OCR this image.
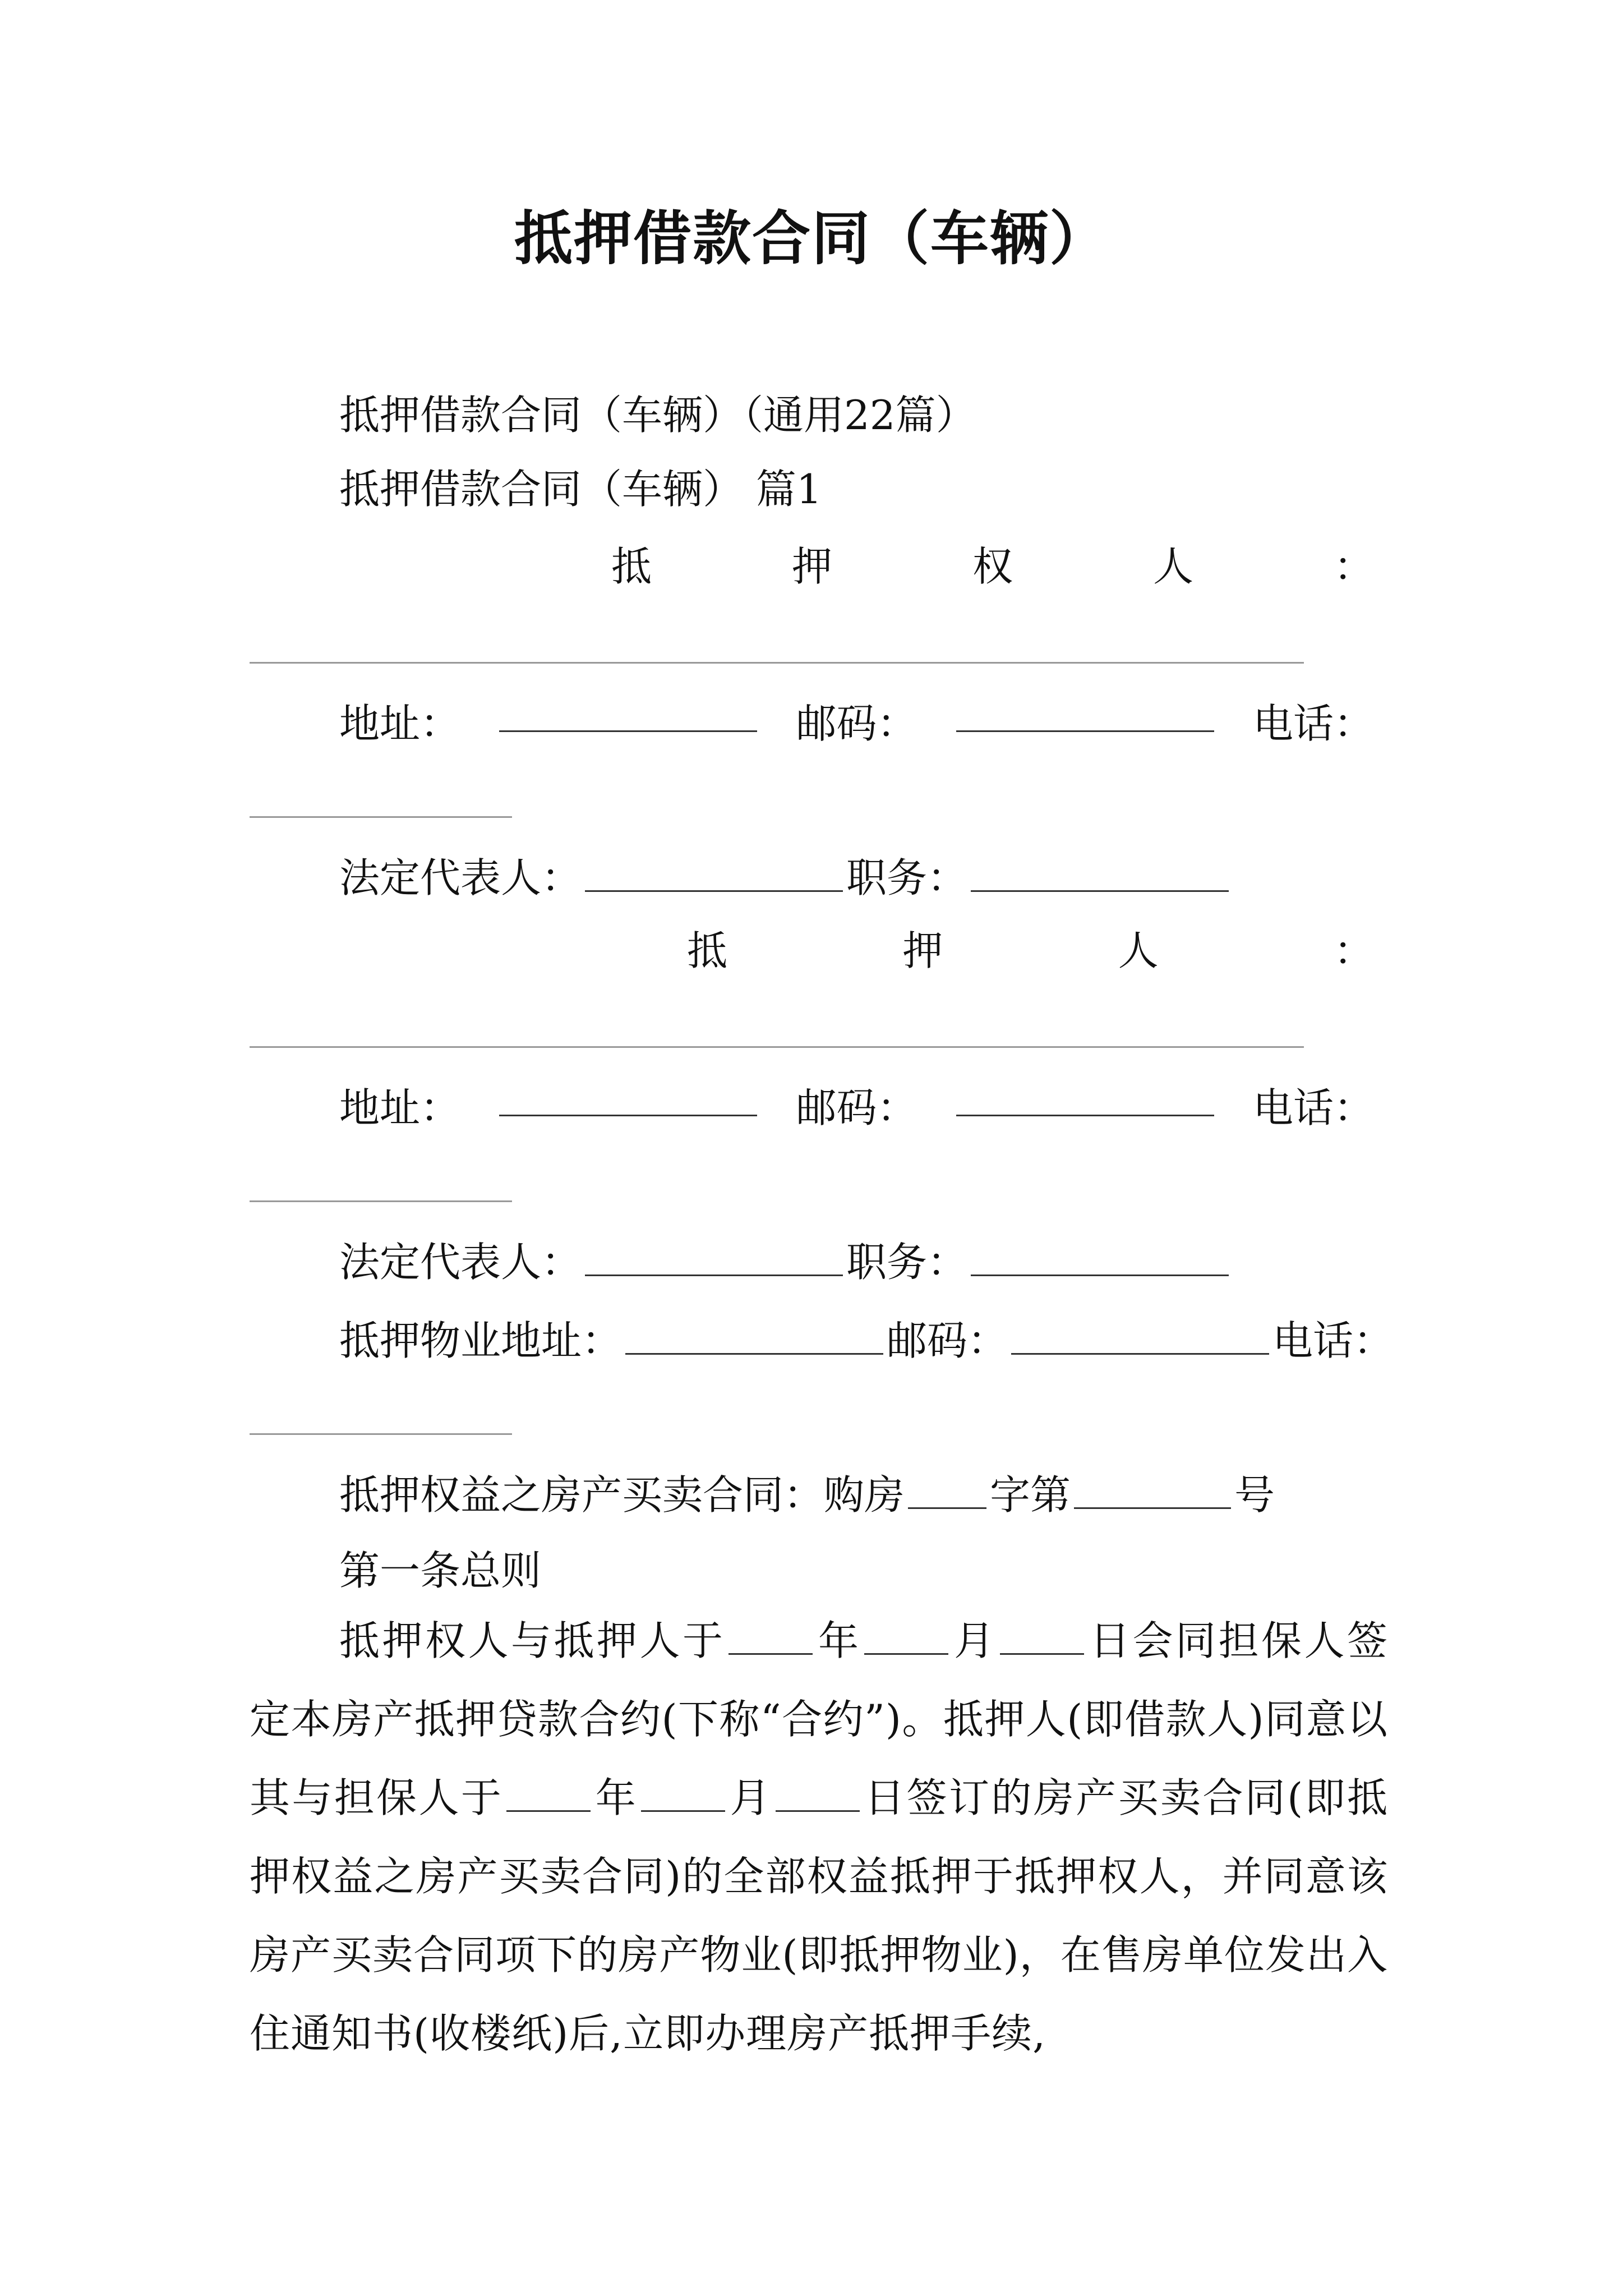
抵押借款合同（车辆）
抵押借款合同（车辆）（通用22篇）
抵押借款合同（车辆） 篇1
抵	押	权	人	：
地址：	邮码：	电话：
法定代表人：	职务：
抵	押	人	：
地址：	邮码：	电话：
法定代表人：	职务：
抵押物业地址：	邮码：	电话：
抵押权益之房产买卖合同：购房 字第	号
第一条总则
抵押权人与抵押人于 年 月 日会同担保人签定本房产抵押贷款合约(下称“合约”)。抵押人(即借款人)同意以其与担保人于 年 月 日签订的房产买卖合同(即抵押权益之房产买卖合同)的全部权益抵押于抵押权人，并同意该房产买卖合同项下的房产物业(即抵押物业)，在售房单位发出入住通知书(收楼纸)后,立即办理房产抵押手续,
